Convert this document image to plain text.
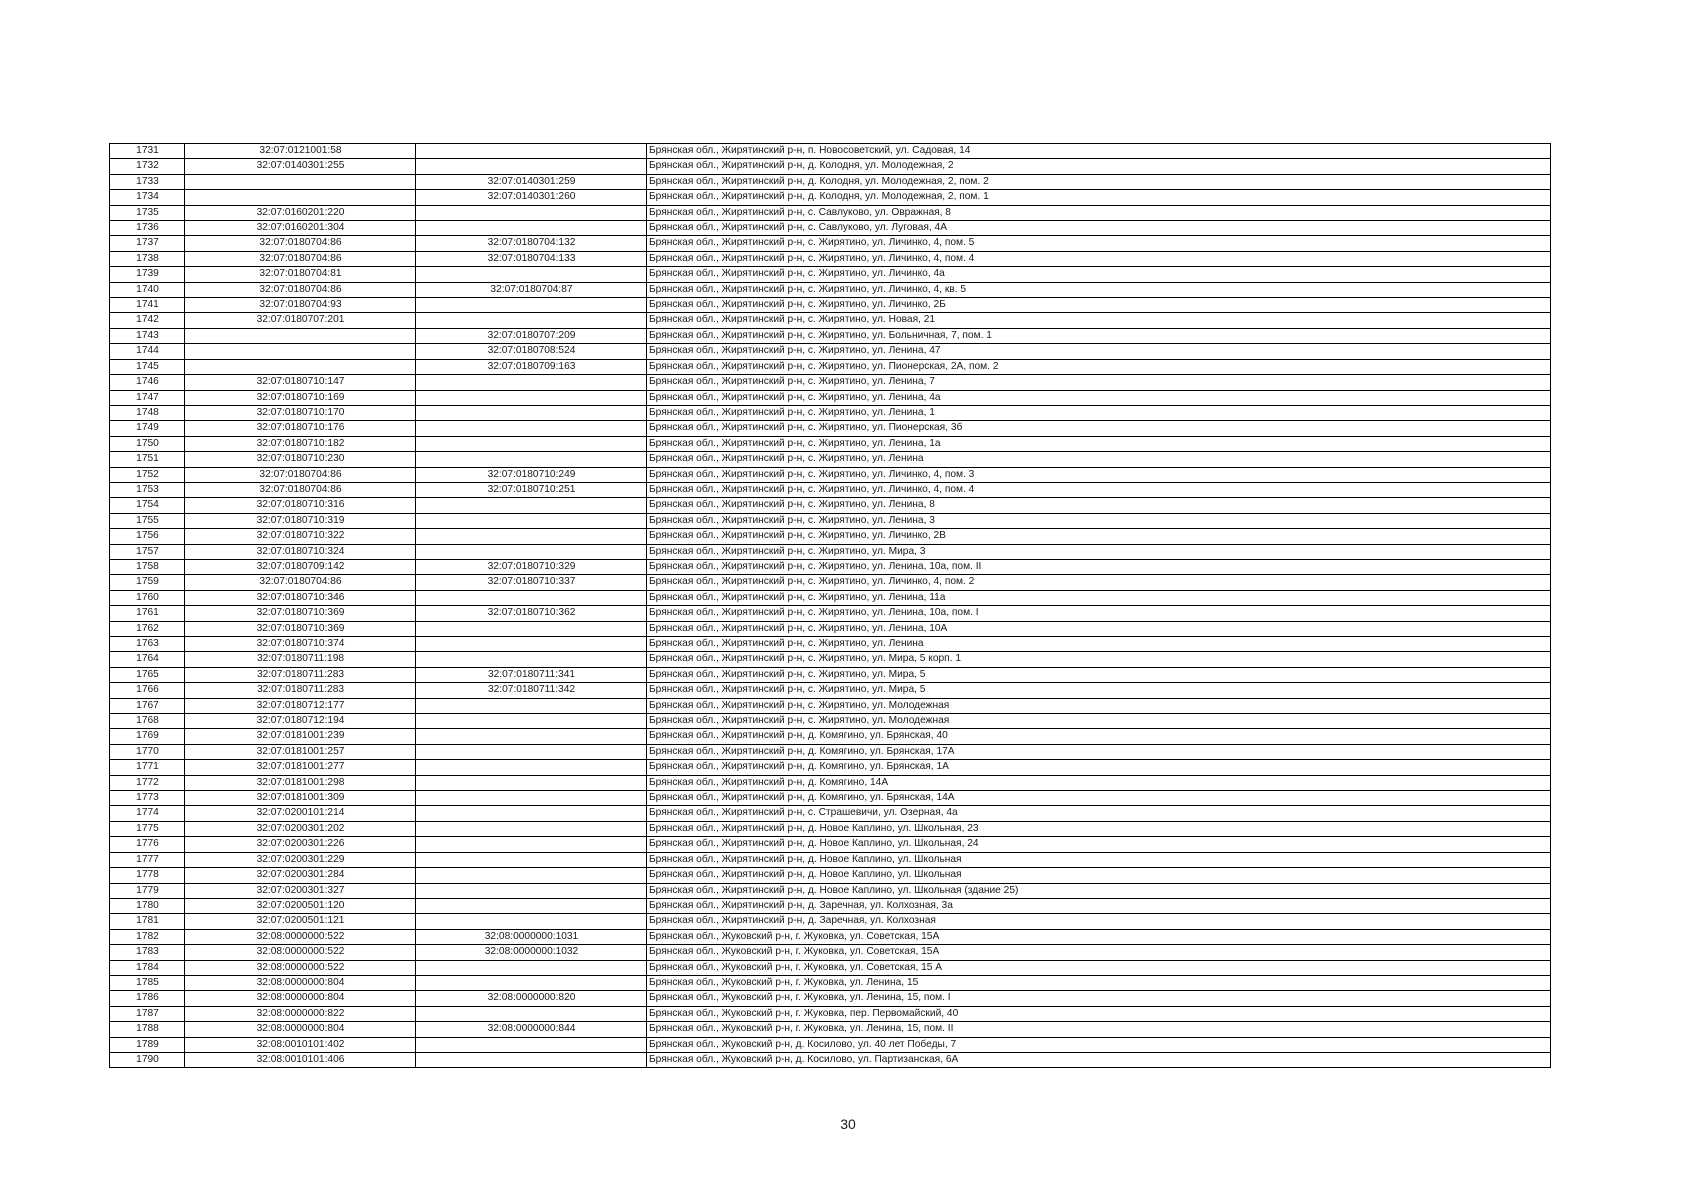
1731	32:07:0121001:58		Брянская обл., Жирятинский р-н, п. Новосоветский, ул. Садовая, 14
1732	32:07:0140301:255		Брянская обл., Жирятинский р-н, д. Колодня, ул. Молодежная, 2
1733		32:07:0140301:259	Брянская обл., Жирятинский р-н, д. Колодня, ул. Молодежная, 2, пом. 2
1734		32:07:0140301:260	Брянская обл., Жирятинский р-н, д. Колодня, ул. Молодежная, 2, пом. 1
1735	32:07:0160201:220		Брянская обл., Жирятинский р-н, с. Савлуково, ул. Овражная, 8
1736	32:07:0160201:304		Брянская обл., Жирятинский р-н, с. Савлуково, ул. Луговая, 4А
1737	32:07:0180704:86	32:07:0180704:132	Брянская обл., Жирятинский р-н, с. Жирятино, ул. Личинко, 4, пом. 5
1738	32:07:0180704:86	32:07:0180704:133	Брянская обл., Жирятинский р-н, с. Жирятино, ул. Личинко, 4, пом. 4
1739	32:07:0180704:81		Брянская обл., Жирятинский р-н, с. Жирятино, ул. Личинко, 4а
1740	32:07:0180704:86	32:07:0180704:87	Брянская обл., Жирятинский р-н, с. Жирятино, ул. Личинко, 4, кв. 5
1741	32:07:0180704:93		Брянская обл., Жирятинский р-н, с. Жирятино, ул. Личинко, 2Б
1742	32:07:0180707:201		Брянская обл., Жирятинский р-н, с. Жирятино, ул. Новая, 21
1743		32:07:0180707:209	Брянская обл., Жирятинский р-н, с. Жирятино, ул. Больничная, 7, пом. 1
1744		32:07:0180708:524	Брянская обл., Жирятинский р-н, с. Жирятино, ул. Ленина, 47
1745		32:07:0180709:163	Брянская обл., Жирятинский р-н, с. Жирятино, ул. Пионерская, 2А, пом. 2
1746	32:07:0180710:147		Брянская обл., Жирятинский р-н, с. Жирятино, ул. Ленина, 7
1747	32:07:0180710:169		Брянская обл., Жирятинский р-н, с. Жирятино, ул. Ленина, 4а
1748	32:07:0180710:170		Брянская обл., Жирятинский р-н, с. Жирятино, ул. Ленина, 1
1749	32:07:0180710:176		Брянская обл., Жирятинский р-н, с. Жирятино, ул. Пионерская, 3б
1750	32:07:0180710:182		Брянская обл., Жирятинский р-н, с. Жирятино, ул. Ленина, 1а
1751	32:07:0180710:230		Брянская обл., Жирятинский р-н, с. Жирятино, ул. Ленина
1752	32:07:0180704:86	32:07:0180710:249	Брянская обл., Жирятинский р-н, с. Жирятино, ул. Личинко, 4, пом. 3
1753	32:07:0180704:86	32:07:0180710:251	Брянская обл., Жирятинский р-н, с. Жирятино, ул. Личинко, 4, пом. 4
1754	32:07:0180710:316		Брянская обл., Жирятинский р-н, с. Жирятино, ул. Ленина, 8
1755	32:07:0180710:319		Брянская обл., Жирятинский р-н, с. Жирятино, ул. Ленина, 3
1756	32:07:0180710:322		Брянская обл., Жирятинский р-н, с. Жирятино, ул. Личинко, 2В
1757	32:07:0180710:324		Брянская обл., Жирятинский р-н, с. Жирятино, ул. Мира, 3
1758	32:07:0180709:142	32:07:0180710:329	Брянская обл., Жирятинский р-н, с. Жирятино, ул. Ленина, 10а, пом. II
1759	32:07:0180704:86	32:07:0180710:337	Брянская обл., Жирятинский р-н, с. Жирятино, ул. Личинко, 4, пом. 2
1760	32:07:0180710:346		Брянская обл., Жирятинский р-н, с. Жирятино, ул. Ленина, 11а
1761	32:07:0180710:369	32:07:0180710:362	Брянская обл., Жирятинский р-н, с. Жирятино, ул. Ленина, 10а, пом. I
1762	32:07:0180710:369		Брянская обл., Жирятинский р-н, с. Жирятино, ул. Ленина, 10А
1763	32:07:0180710:374		Брянская обл., Жирятинский р-н, с. Жирятино, ул. Ленина
1764	32:07:0180711:198		Брянская обл., Жирятинский р-н, с. Жирятино, ул. Мира, 5 корп. 1
1765	32:07:0180711:283	32:07:0180711:341	Брянская обл., Жирятинский р-н, с. Жирятино, ул. Мира, 5
1766	32:07:0180711:283	32:07:0180711:342	Брянская обл., Жирятинский р-н, с. Жирятино, ул. Мира, 5
1767	32:07:0180712:177		Брянская обл., Жирятинский р-н, с. Жирятино, ул. Молодежная
1768	32:07:0180712:194		Брянская обл., Жирятинский р-н, с. Жирятино, ул. Молодежная
1769	32:07:0181001:239		Брянская обл., Жирятинский р-н, д. Комягино, ул. Брянская, 40
1770	32:07:0181001:257		Брянская обл., Жирятинский р-н, д. Комягино, ул. Брянская, 17А
1771	32:07:0181001:277		Брянская обл., Жирятинский р-н, д. Комягино, ул. Брянская, 1А
1772	32:07:0181001:298		Брянская обл., Жирятинский р-н, д. Комягино, 14А
1773	32:07:0181001:309		Брянская обл., Жирятинский р-н, д. Комягино, ул. Брянская, 14А
1774	32:07:0200101:214		Брянская обл., Жирятинский р-н, с. Страшевичи, ул. Озерная, 4а
1775	32:07:0200301:202		Брянская обл., Жирятинский р-н, д. Новое Каплино, ул. Школьная, 23
1776	32:07:0200301:226		Брянская обл., Жирятинский р-н, д. Новое Каплино, ул. Школьная, 24
1777	32:07:0200301:229		Брянская обл., Жирятинский р-н, д. Новое Каплино, ул. Школьная
1778	32:07:0200301:284		Брянская обл., Жирятинский р-н, д. Новое Каплино, ул. Школьная
1779	32:07:0200301:327		Брянская обл., Жирятинский р-н, д. Новое Каплино, ул. Школьная (здание 25)
1780	32:07:0200501:120		Брянская обл., Жирятинский р-н, д. Заречная, ул. Колхозная, 3а
1781	32:07:0200501:121		Брянская обл., Жирятинский р-н, д. Заречная, ул. Колхозная
1782	32:08:0000000:522	32:08:0000000:1031	Брянская обл., Жуковский р-н, г. Жуковка, ул. Советская, 15А
1783	32:08:0000000:522	32:08:0000000:1032	Брянская обл., Жуковский р-н, г. Жуковка, ул. Советская, 15А
1784	32:08:0000000:522		Брянская обл., Жуковский р-н, г. Жуковка, ул. Советская, 15 А
1785	32:08:0000000:804		Брянская обл., Жуковский р-н, г. Жуковка, ул. Ленина, 15
1786	32:08:0000000:804	32:08:0000000:820	Брянская обл., Жуковский р-н, г. Жуковка, ул. Ленина, 15, пом. I
1787	32:08:0000000:822		Брянская обл., Жуковский р-н, г. Жуковка, пер. Первомайский, 40
1788	32:08:0000000:804	32:08:0000000:844	Брянская обл., Жуковский р-н, г. Жуковка, ул. Ленина, 15, пом. II
1789	32:08:0010101:402		Брянская обл., Жуковский р-н, д. Косилово, ул. 40 лет Победы, 7
1790	32:08:0010101:406		Брянская обл., Жуковский р-н, д. Косилово, ул. Партизанская, 6А
30
